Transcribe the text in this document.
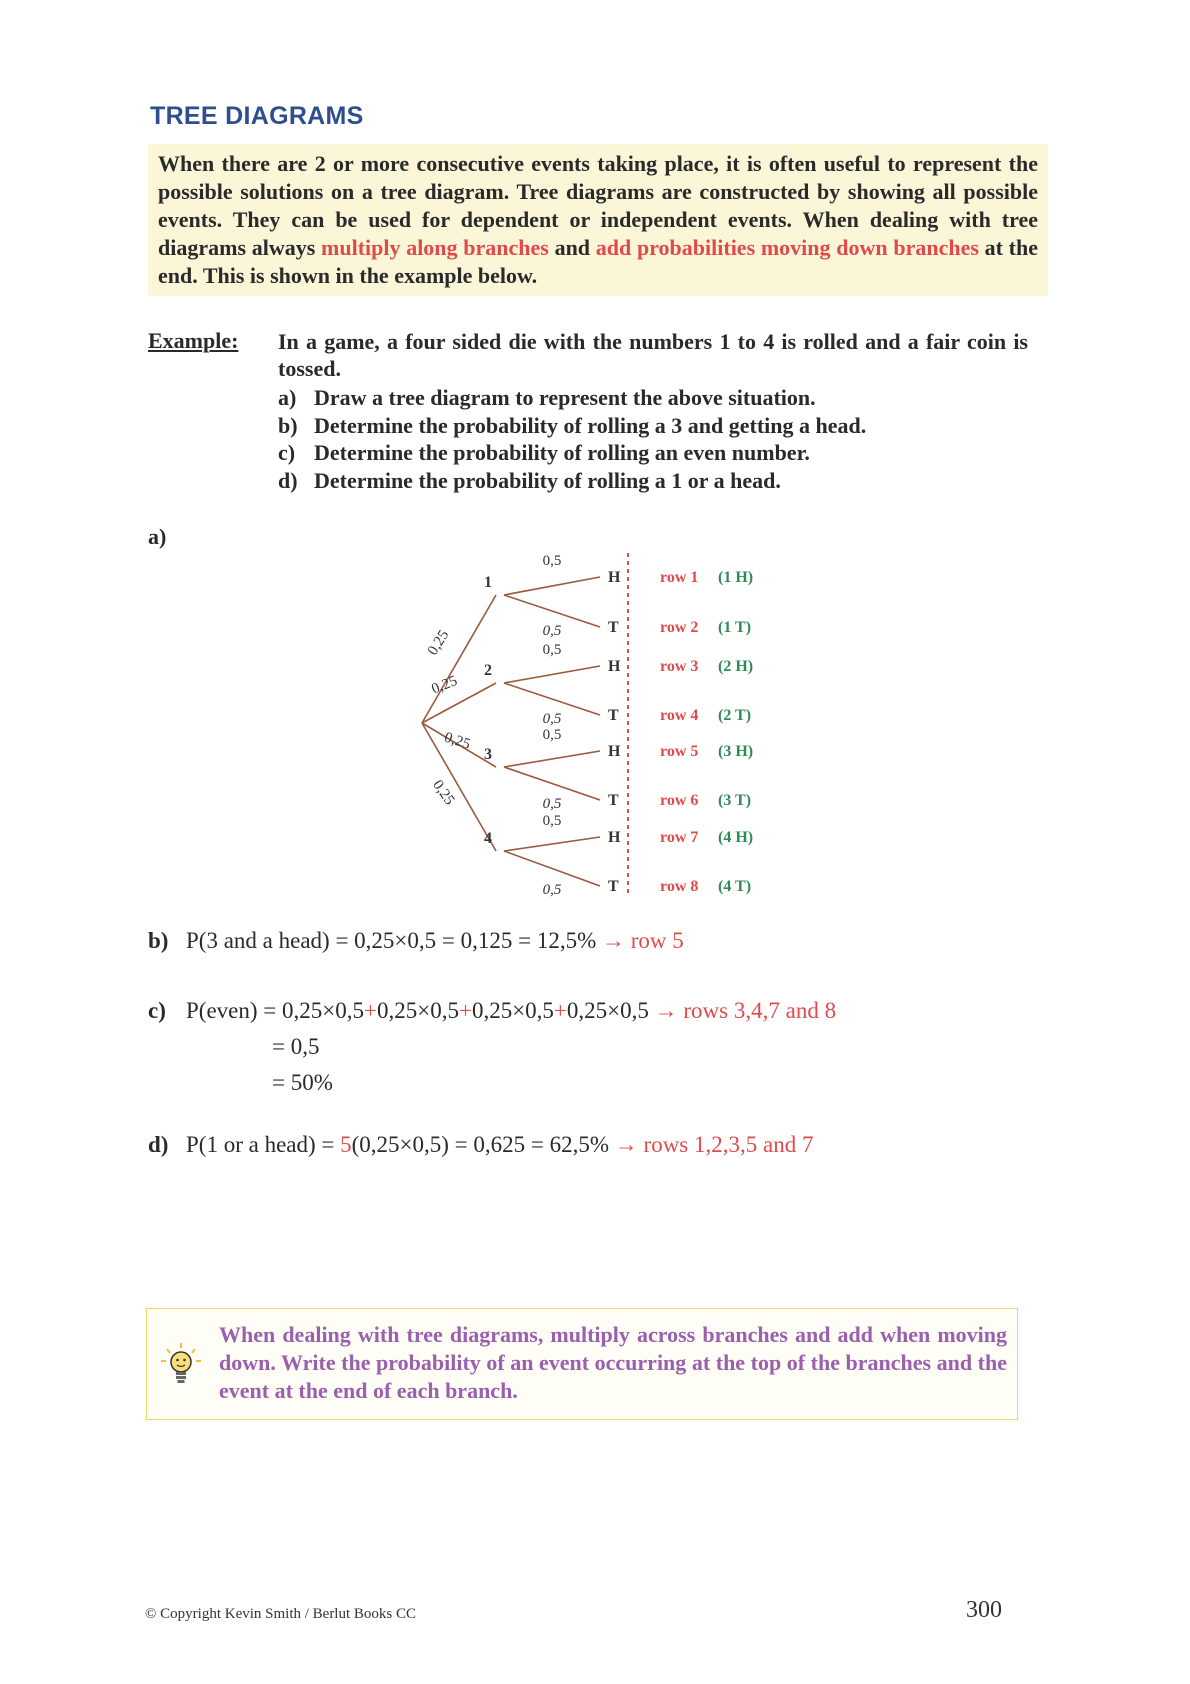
TREE DIAGRAMS
When there are 2 or more consecutive events taking place, it is often useful to represent the possible solutions on a tree diagram. Tree diagrams are constructed by showing all possible events. They can be used for dependent or independent events. When dealing with tree diagrams always multiply along branches and add probabilities moving down branches at the end. This is shown in the example below.
Example: In a game, a four sided die with the numbers 1 to 4 is rolled and a fair coin is tossed.
a) Draw a tree diagram to represent the above situation.
b) Determine the probability of rolling a 3 and getting a head.
c) Determine the probability of rolling an even number.
d) Determine the probability of rolling a 1 or a head.
a)
0,25
1
0,25
2
0,25
3
0,25
4
0,5
H row 1 (1 H)
0,5	T	row 2 (1 T)
0,5
H row 3 (2 H)
0,5	T	row 4 (2 T)
0,5
H row 5 (3 H)
0,5	T	row 6 (3 T)
0,5
H row 7 (4 H)
0,5	T	row 8 (4 T)
b) P(3 and a head) = 0,25×0,5 = 0,125 = 12,5% → row 5
c) P(even) = 0,25×0,5+0,25×0,5+0,25×0,5+0,25×0,5 → rows 3,4,7 and 8
= 0,5
= 50%
d) P(1 or a head) = 5(0,25×0,5) = 0,625 = 62,5% → rows 1,2,3,5 and 7
When dealing with tree diagrams, multiply across branches and add when moving down. Write the probability of an event occurring at the top of the branches and the event at the end of each branch.
© Copyright Kevin Smith / Berlut Books CC	300
